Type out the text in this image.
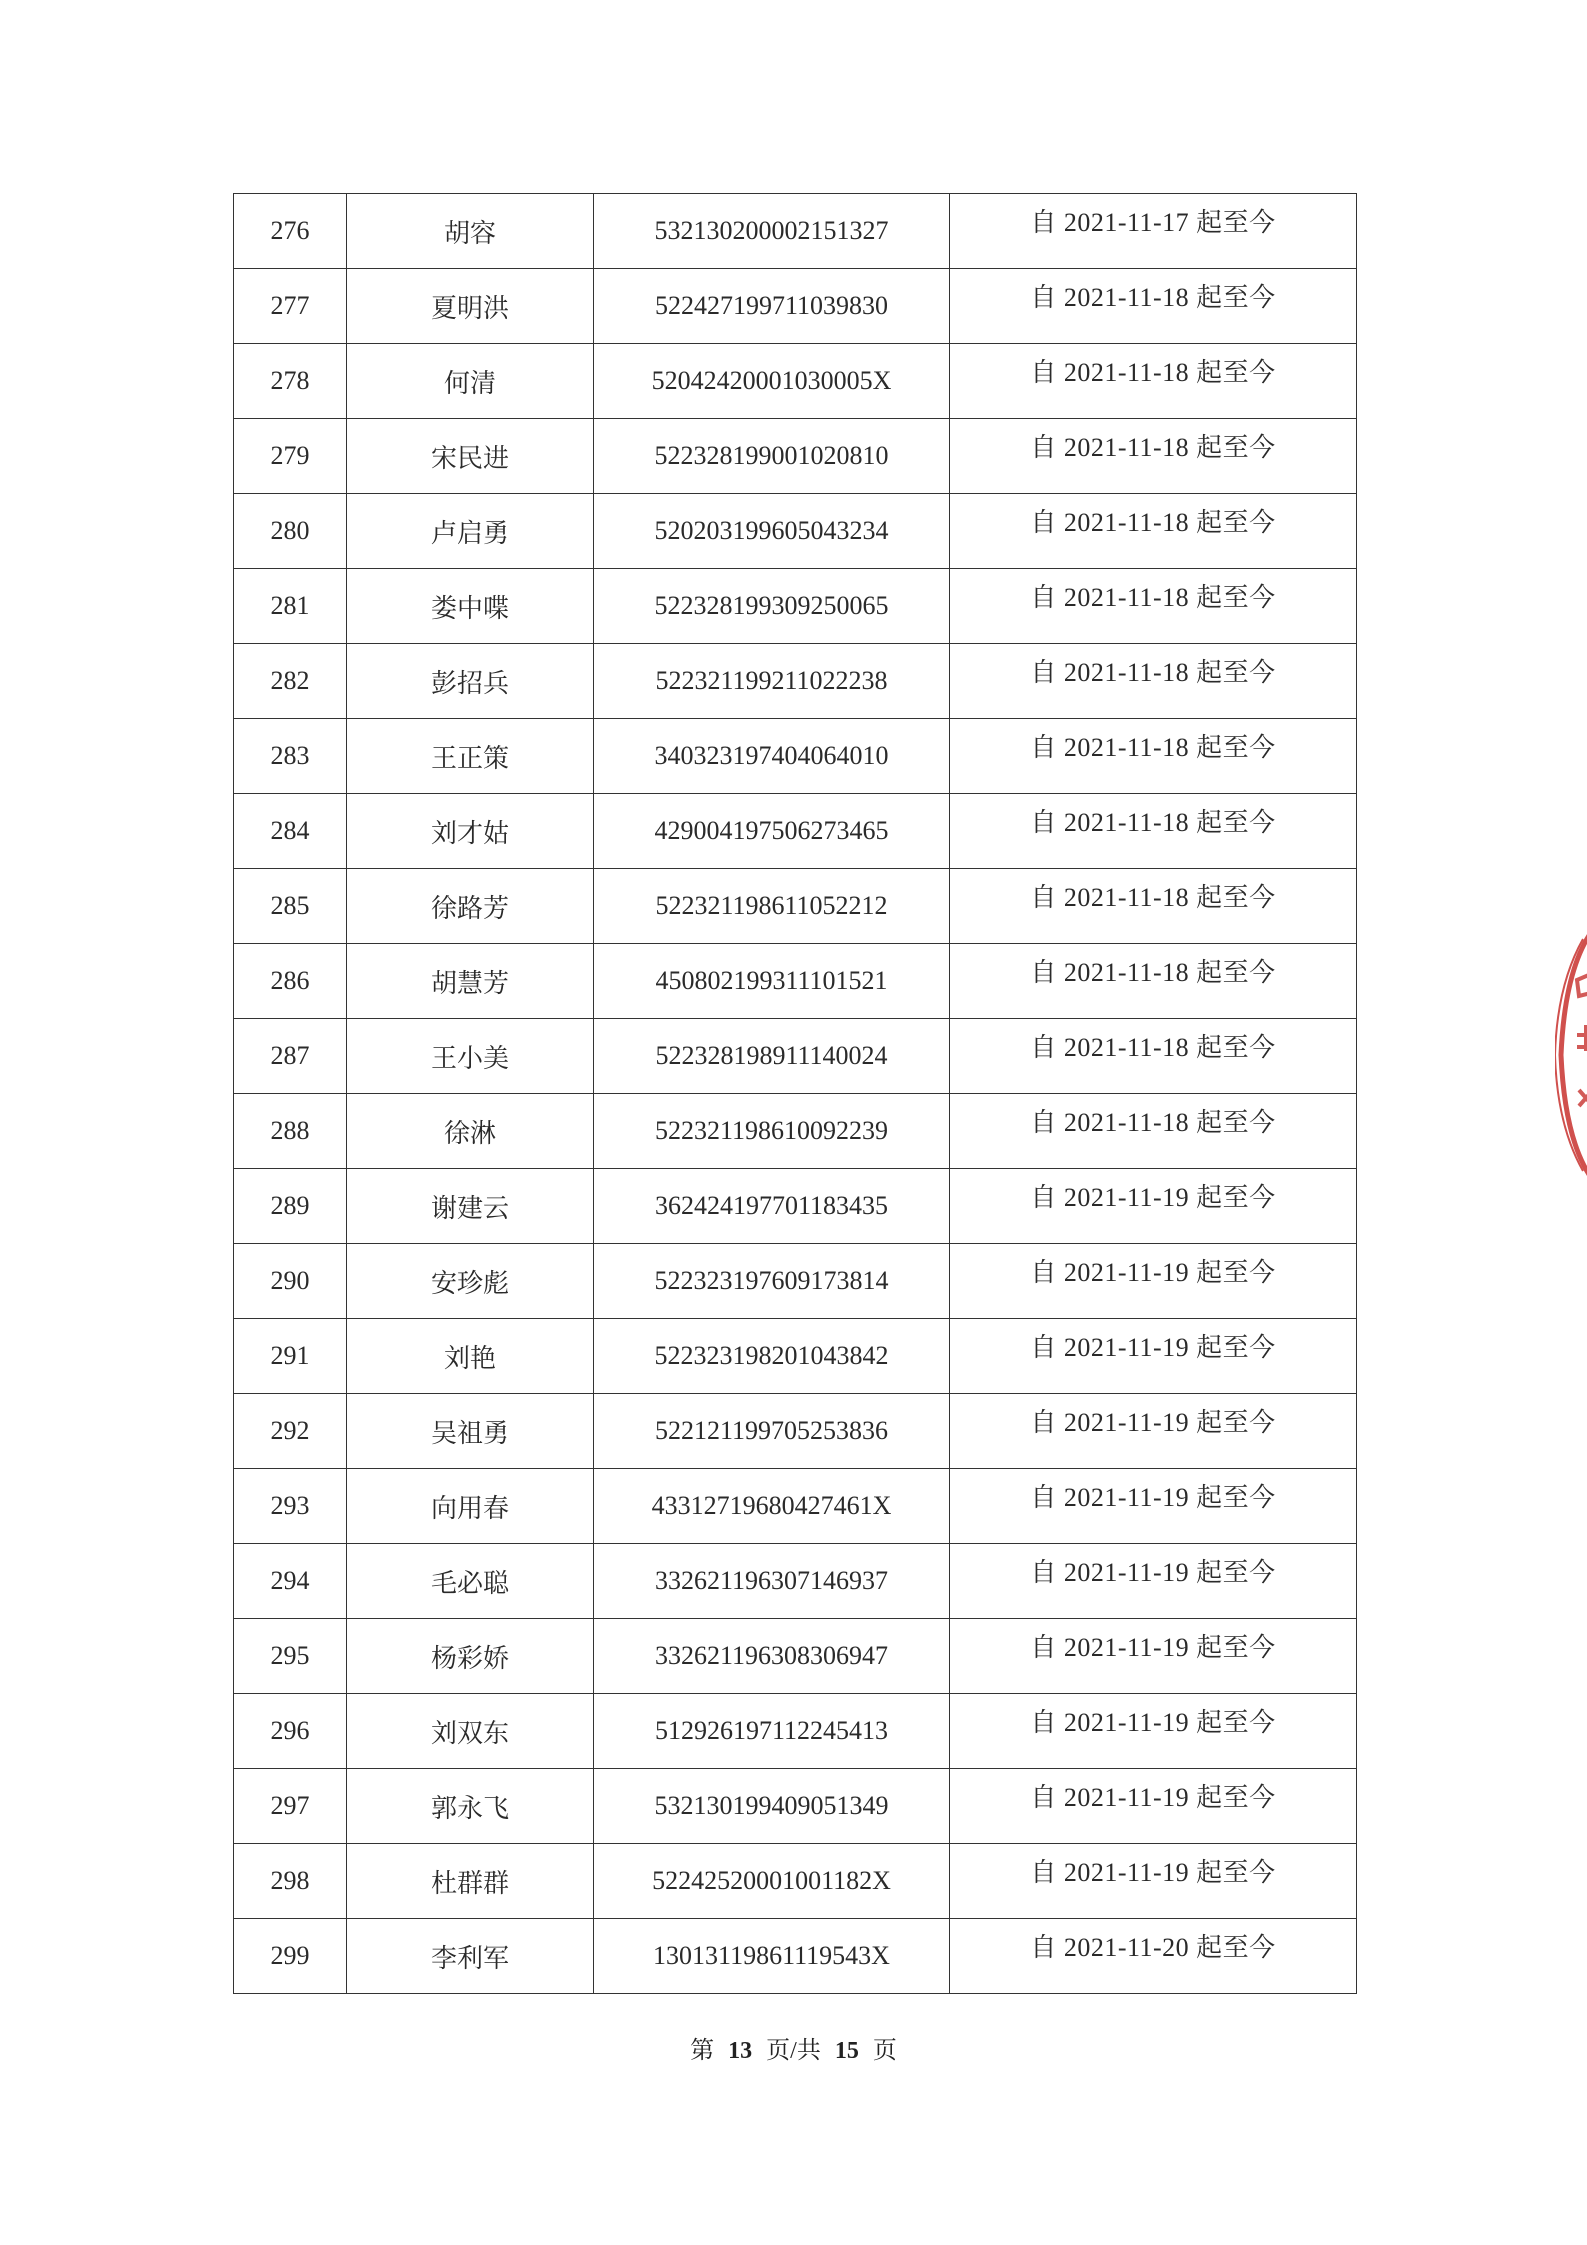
276	胡容	532130200002151327	自 2021-11-17 起至今
277	夏明洪	522427199711039830	自 2021-11-18 起至今
278	何清	52042420001030005X	自 2021-11-18 起至今
279	宋民进	522328199001020810	自 2021-11-18 起至今
280	卢启勇	520203199605043234	自 2021-11-18 起至今
281	娄中喋	522328199309250065	自 2021-11-18 起至今
282	彭招兵	522321199211022238	自 2021-11-18 起至今
283	王正策	340323197404064010	自 2021-11-18 起至今
284	刘才姑	429004197506273465	自 2021-11-18 起至今
285	徐路芳	522321198611052212	自 2021-11-18 起至今
286	胡慧芳	450802199311101521	自 2021-11-18 起至今
287	王小美	522328198911140024	自 2021-11-18 起至今
288	徐淋	522321198610092239	自 2021-11-18 起至今
289	谢建云	362424197701183435	自 2021-11-19 起至今
290	安珍彪	522323197609173814	自 2021-11-19 起至今
291	刘艳	522323198201043842	自 2021-11-19 起至今
292	吴祖勇	522121199705253836	自 2021-11-19 起至今
293	向用春	43312719680427461X	自 2021-11-19 起至今
294	毛必聪	332621196307146937	自 2021-11-19 起至今
295	杨彩娇	332621196308306947	自 2021-11-19 起至今
296	刘双东	512926197112245413	自 2021-11-19 起至今
297	郭永飞	532130199409051349	自 2021-11-19 起至今
298	杜群群	52242520001001182X	自 2021-11-19 起至今
299	李利军	13013119861119543X	自 2021-11-20 起至今
第 13 页/共 15 页
